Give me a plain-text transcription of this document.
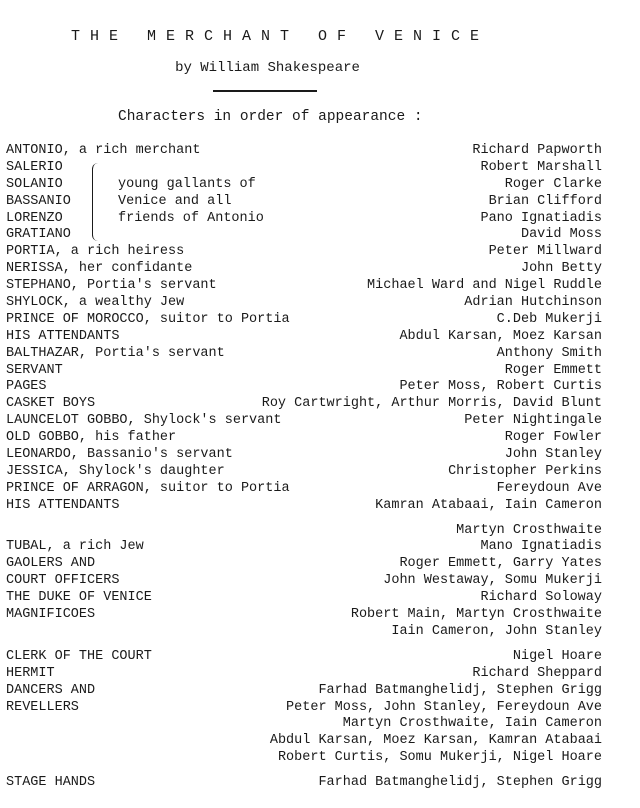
THE MERCHANT OF VENICE
by William Shakespeare
Characters in order of appearance :
ANTONIO, a rich merchant	Richard Papworth
SALERIO	Robert Marshall
SOLANIO	Roger Clarke
BASSANIO	Brian Clifford
LORENZO	Pano Ignatiadis
GRATIANO	David Moss
PORTIA, a rich heiress	Peter Millward
NERISSA, her confidante	John Betty
STEPHANO, Portia's servant	Michael Ward and Nigel Ruddle
SHYLOCK, a wealthy Jew	Adrian Hutchinson
PRINCE OF MOROCCO, suitor to Portia	C.Deb Mukerji
HIS ATTENDANTS	Abdul Karsan, Moez Karsan
BALTHAZAR, Portia's servant	Anthony Smith
SERVANT	Roger Emmett
PAGES	Peter Moss, Robert Curtis
CASKET BOYS	Roy Cartwright, Arthur Morris, David Blunt
LAUNCELOT GOBBO, Shylock's servant	Peter Nightingale
OLD GOBBO, his father	Roger Fowler
LEONARDO, Bassanio's servant	John Stanley
JESSICA, Shylock's daughter	Christopher Perkins
PRINCE OF ARRAGON, suitor to Portia	Fereydoun Ave
HIS ATTENDANTS	Kamran Atabaai, Iain Cameron
Martyn Crosthwaite
TUBAL, a rich Jew	Mano Ignatiadis
GAOLERS AND	Roger Emmett, Garry Yates
COURT OFFICERS	John Westaway, Somu Mukerji
THE DUKE OF VENICE	Richard Soloway
MAGNIFICOES	Robert Main, Martyn Crosthwaite
Iain Cameron, John Stanley
CLERK OF THE COURT	Nigel Hoare
HERMIT	Richard Sheppard
DANCERS AND	Farhad Batmanghelidj, Stephen Grigg
REVELLERS	Peter Moss, John Stanley, Fereydoun Ave
Martyn Crosthwaite, Iain Cameron
Abdul Karsan, Moez Karsan, Kamran Atabaai
Robert Curtis, Somu Mukerji, Nigel Hoare
STAGE HANDS	Farhad Batmanghelidj, Stephen Grigg
young gallants of
Venice and all
friends of Antonio
